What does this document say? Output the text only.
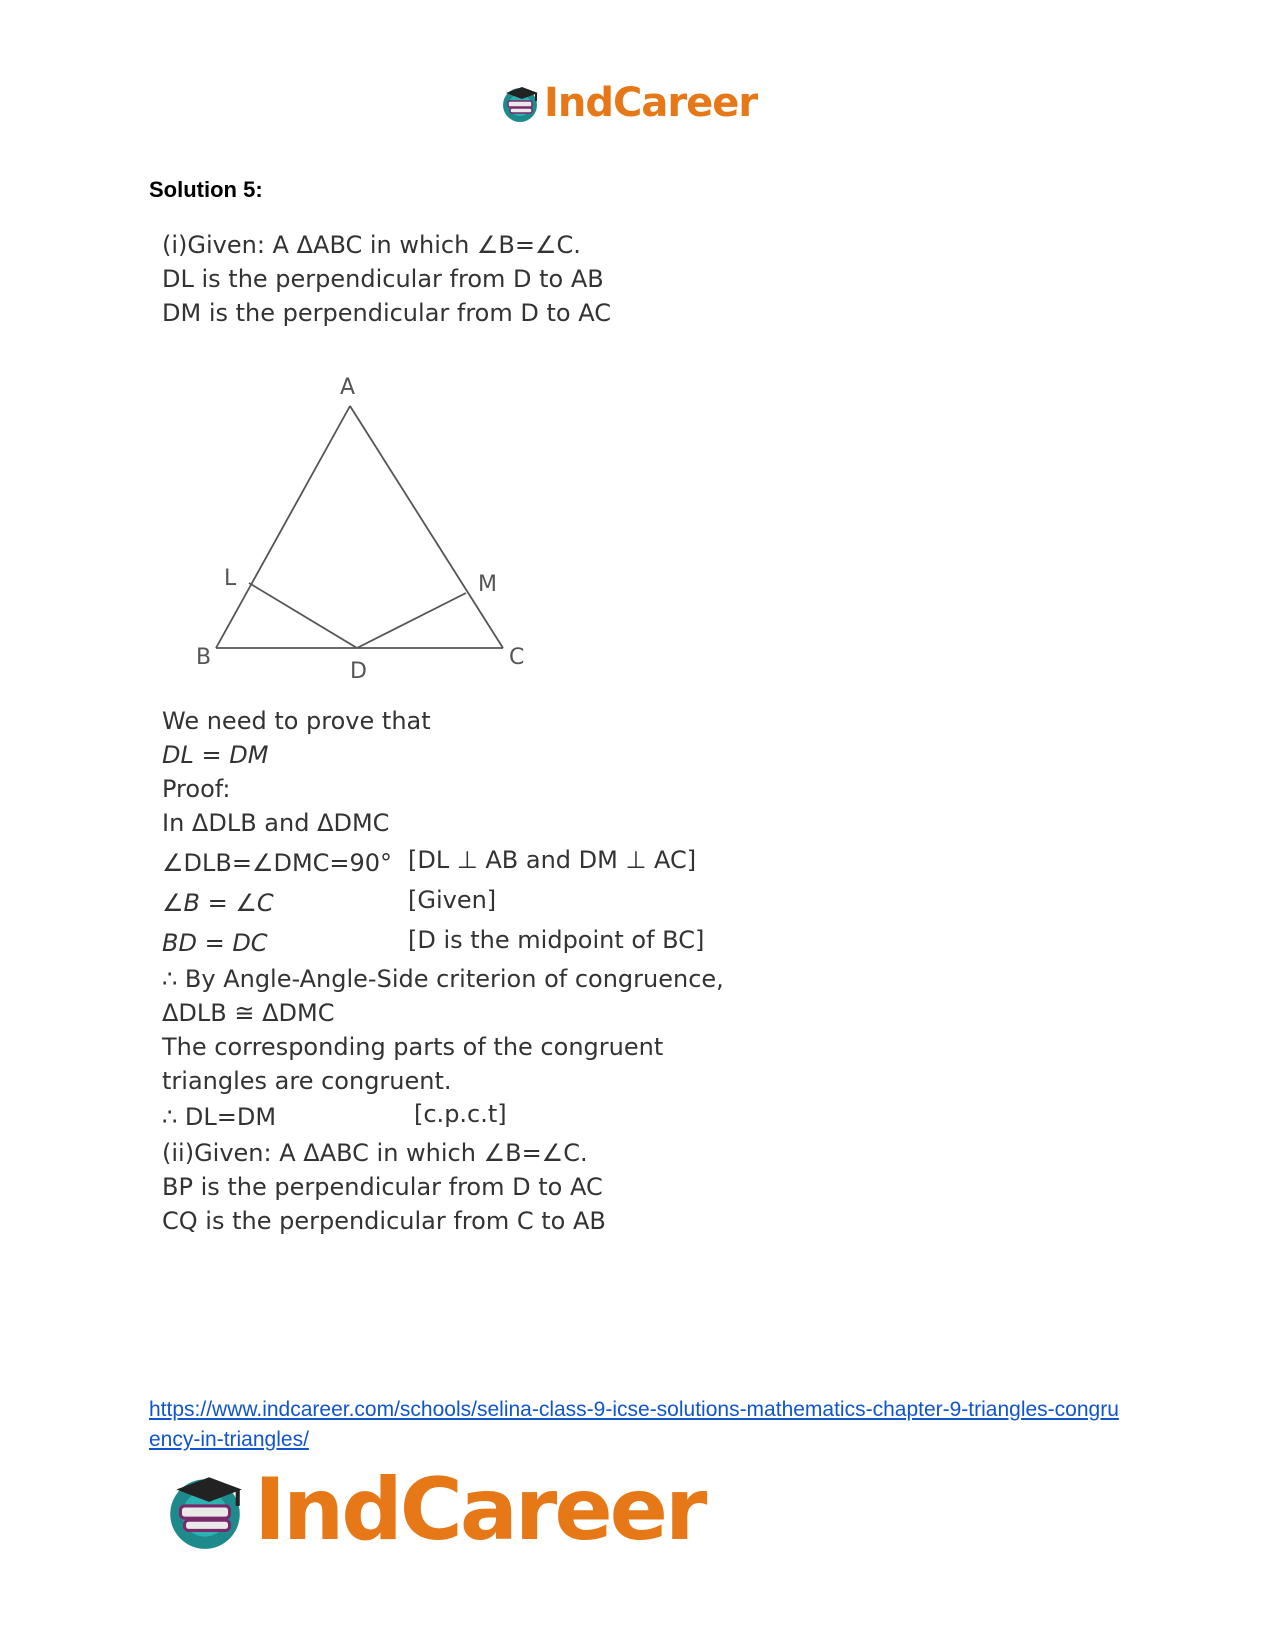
IndCareer
Solution 5:
(i)Given: A ΔABC in which ∠B=∠C.
DL is the perpendicular from D to AB
DM is the perpendicular from D to AC
A
L	M
B
D
C
We need to prove that
DL = DM
Proof:
In ΔDLB and ΔDMC
∠DLB=∠DMC=90° [DL ⊥ AB and DM ⊥ AC]
∠B = ∠C	[Given]
BD = DC	[D is the midpoint of BC]
∴ By Angle-Angle-Side criterion of congruence,
ΔDLB ≅ ΔDMC
The corresponding parts of the congruent
triangles are congruent.
∴ DL=DM	[c.p.c.t]
(ii)Given: A ΔABC in which ∠B=∠C.
BP is the perpendicular from D to AC
CQ is the perpendicular from C to AB
https://www.indcareer.com/schools/selina-class-9-icse-solutions-mathematics-chapter-9-triangles-congruency-in-triangles/
IndCareer
